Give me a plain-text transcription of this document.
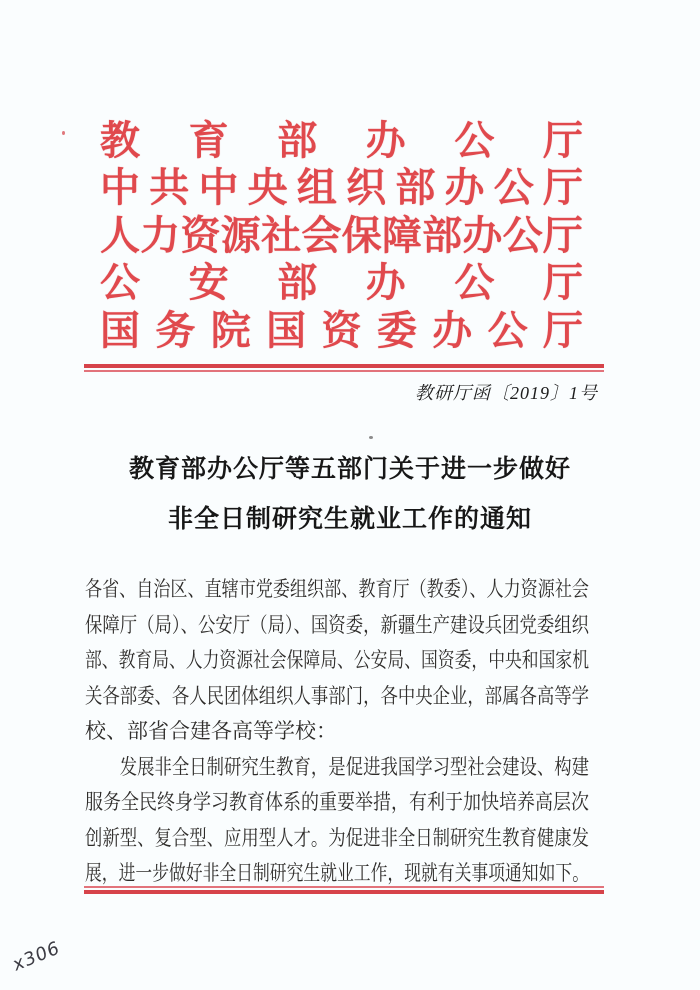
教 育 部 办 公 厅
中 共 中 央 组 织 部 办 公 厅
人 力 资 源 社 会 保 障 部 办 公 厅
公 安 部 办 公 厅
国 务 院 国 资 委 办 公 厅
教研厅函〔2019〕1号
教育部办公厅等五部门关于进一步做好
非全日制研究生就业工作的通知
各省、自治区、直辖市党委组织部、教育厅（教委）、人力资源社会
保障厅（局）、公安厅（局）、国资委，新疆生产建设兵团党委组织
部、教育局、人力资源社会保障局、公安局、国资委，中央和国家机
关各部委、各人民团体组织人事部门，各中央企业，部属各高等学
校、部省合建各高等学校：
　　发展非全日制研究生教育，是促进我国学习型社会建设、构建
服务全民终身学习教育体系的重要举措，有利于加快培养高层次
创新型、复合型、应用型人才。为促进非全日制研究生教育健康发
展，进一步做好非全日制研究生就业工作，现就有关事项通知如下。
x306
